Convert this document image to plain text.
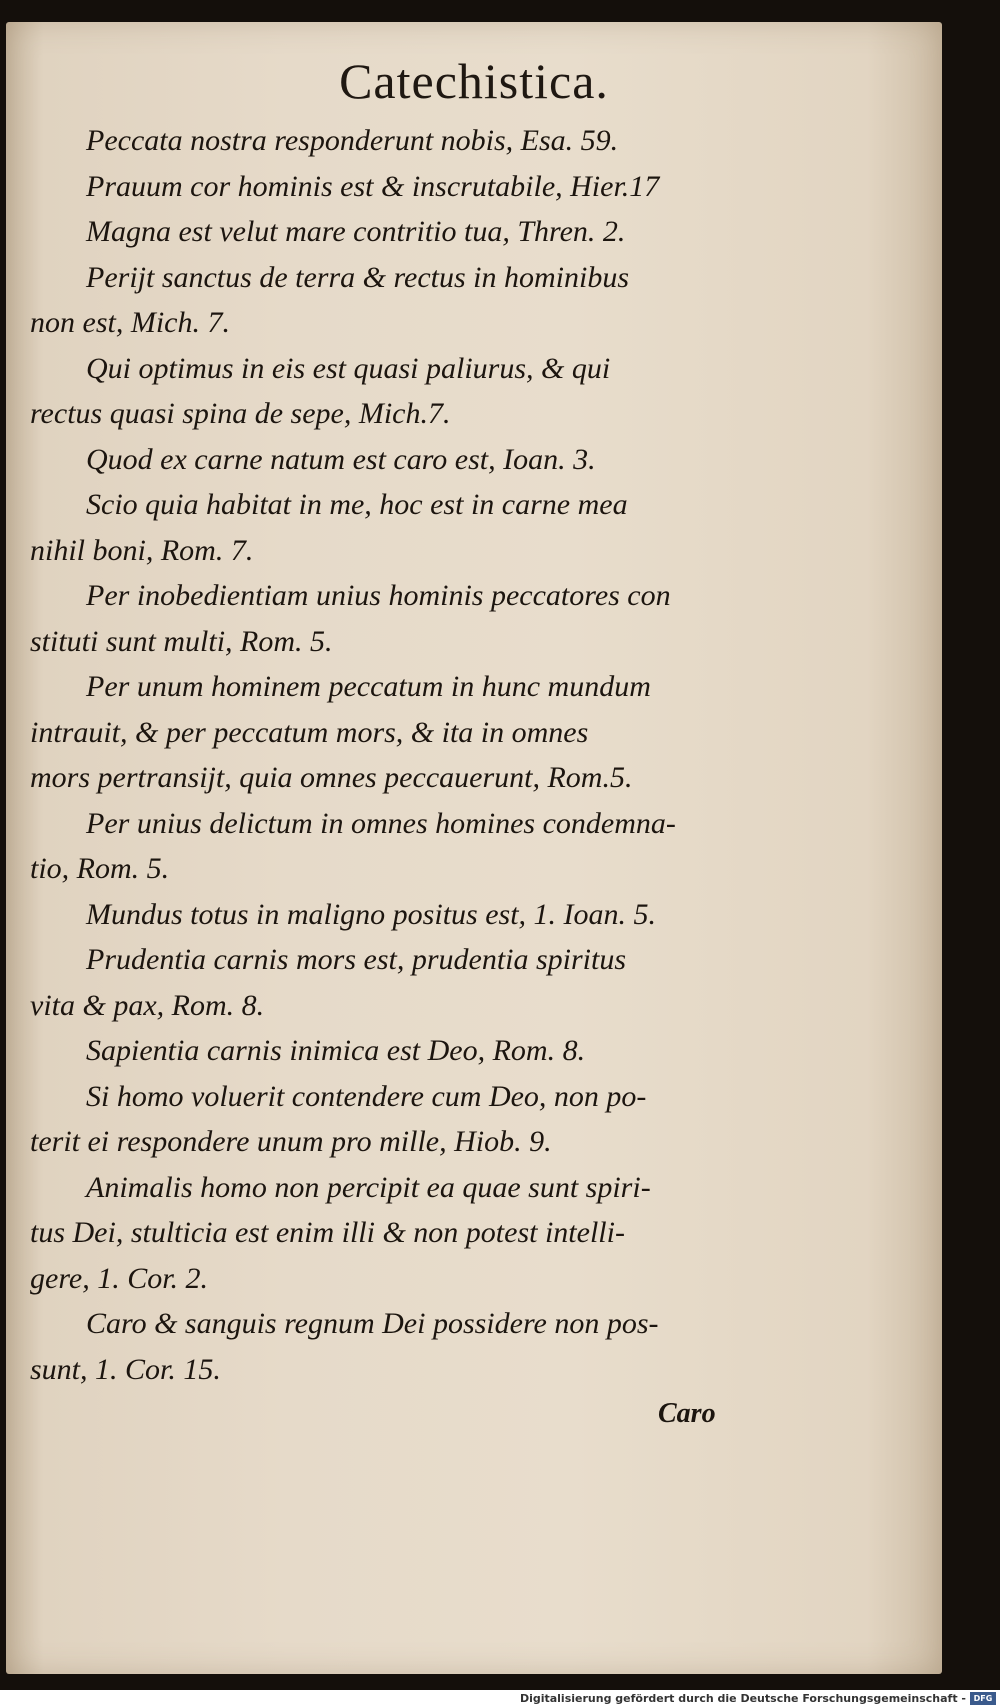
Catechistica.
Peccata nostra responderunt nobis, Esa. 59.
Prauum cor hominis est & inscrutabile, Hier.17
Magna est velut mare contritio tua, Thren. 2.
Perijt sanctus de terra & rectus in hominibus
non est, Mich. 7.
Qui optimus in eis est quasi paliurus, & qui
rectus quasi spina de sepe, Mich.7.
Quod ex carne natum est caro est, Ioan. 3.
Scio quia habitat in me, hoc est in carne mea
nihil boni, Rom. 7.
Per inobedientiam unius hominis peccatores con
stituti sunt multi, Rom. 5.
Per unum hominem peccatum in hunc mundum
intrauit, & per peccatum mors, & ita in omnes
mors pertransijt, quia omnes peccauerunt, Rom.5.
Per unius delictum in omnes homines condemna-
tio, Rom. 5.
Mundus totus in maligno positus est, 1. Ioan. 5.
Prudentia carnis mors est, prudentia spiritus
vita & pax, Rom. 8.
Sapientia carnis inimica est Deo, Rom. 8.
Si homo voluerit contendere cum Deo, non po-
terit ei respondere unum pro mille, Hiob. 9.
Animalis homo non percipit ea quae sunt spiri-
tus Dei, stulticia est enim illi & non potest intelli-
gere, 1. Cor. 2.
Caro & sanguis regnum Dei possidere non pos-
sunt, 1. Cor. 15.
Caro
Digitalisierung gefördert durch die Deutsche Forschungsgemeinschaft - DFG
